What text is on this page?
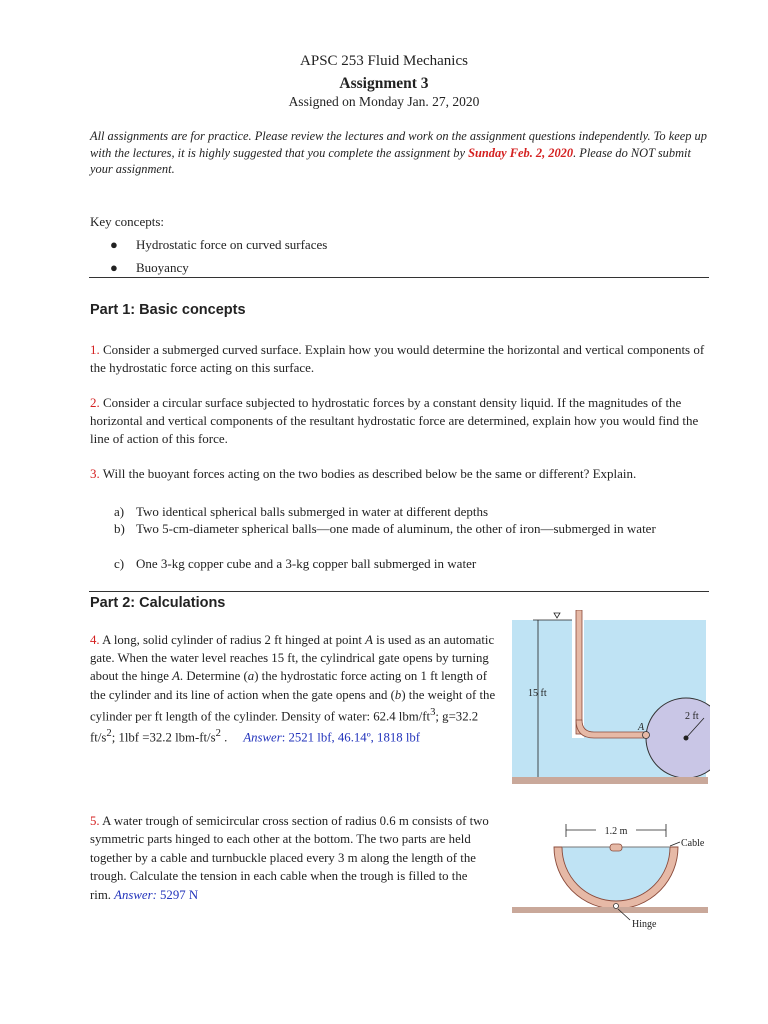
APSC 253 Fluid Mechanics
Assignment 3
Assigned on Monday Jan. 27, 2020
All assignments are for practice. Please review the lectures and work on the assignment questions independently. To keep up with the lectures, it is highly suggested that you complete the assignment by Sunday Feb. 2, 2020. Please do NOT submit your assignment.
Key concepts:
● Hydrostatic force on curved surfaces
● Buoyancy
Part 1: Basic concepts
1. Consider a submerged curved surface. Explain how you would determine the horizontal and vertical components of the hydrostatic force acting on this surface.
2. Consider a circular surface subjected to hydrostatic forces by a constant density liquid. If the magnitudes of the horizontal and vertical components of the resultant hydrostatic force are determined, explain how you would find the line of action of this force.
3. Will the buoyant forces acting on the two bodies as described below be the same or different? Explain.
a) Two identical spherical balls submerged in water at different depths
b) Two 5-cm-diameter spherical balls—one made of aluminum, the other of iron—submerged in water
c) One 3-kg copper cube and a 3-kg copper ball submerged in water
Part 2: Calculations
4. A long, solid cylinder of radius 2 ft hinged at point A is used as an automatic gate. When the water level reaches 15 ft, the cylindrical gate opens by turning about the hinge A. Determine (a) the hydrostatic force acting on 1 ft length of the cylinder and its line of action when the gate opens and (b) the weight of the cylinder per ft length of the cylinder. Density of water: 62.4 lbm/$ft^3$; g=32.2 $ft/s^2$; 1lbf =32.2 lbm-$ft/s^2$ . Answer: 2521 lbf, 46.14º, 1818 lbf
15 ft
2 ft
A
5. A water trough of semicircular cross section of radius 0.6 m consists of two symmetric parts hinged to each other at the bottom. The two parts are held together by a cable and turnbuckle placed every 3 m along the length of the trough. Calculate the tension in each cable when the trough is filled to the rim. Answer: 5297 N
1.2 m
Cable
Hinge
